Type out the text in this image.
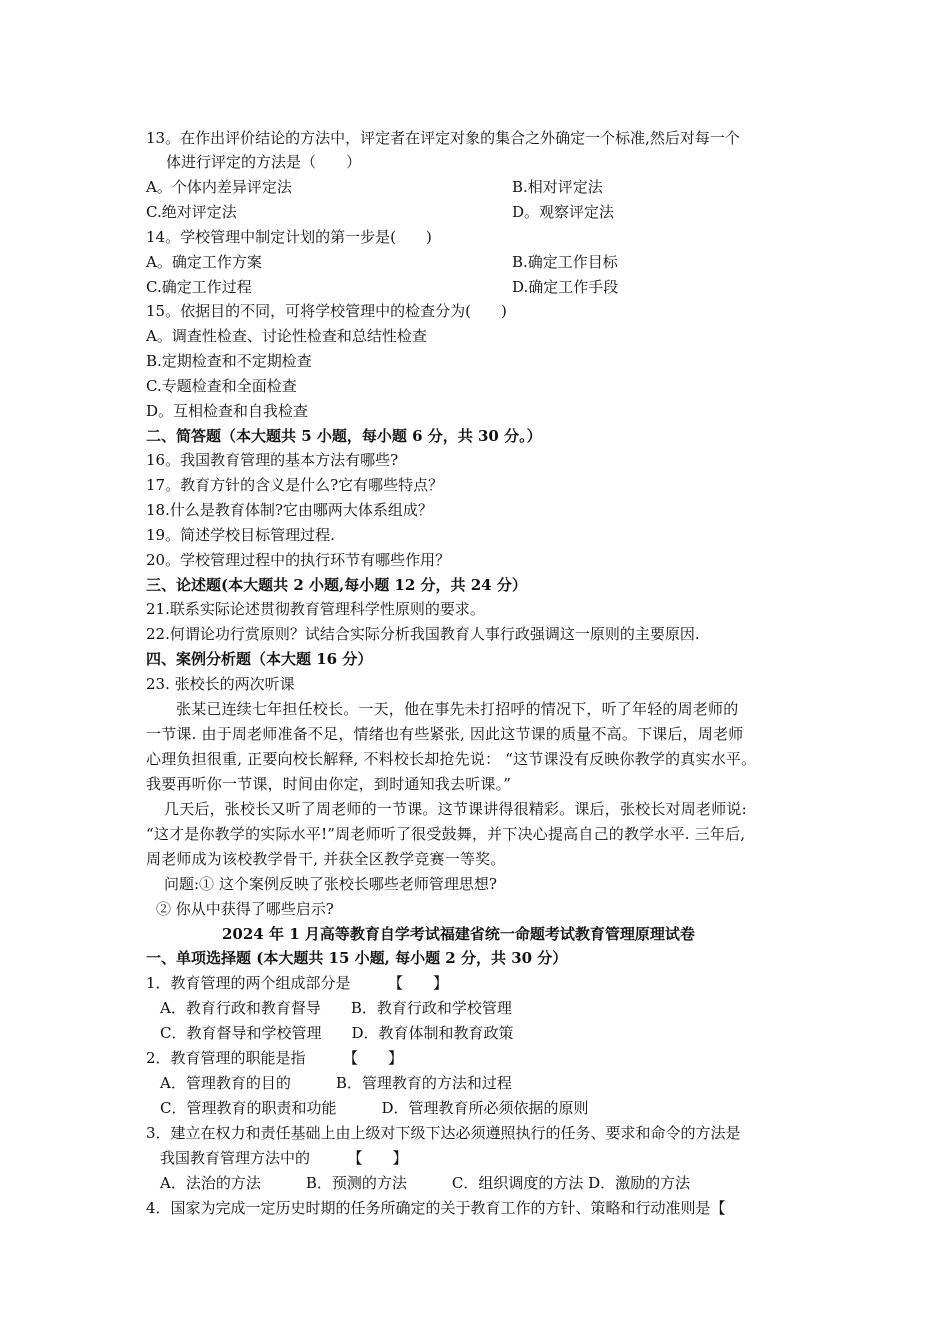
13。在作出评价结论的方法中，评定者在评定对象的集合之外确定一个标准,然后对每一个
体进行评定的方法是（　　）
A。个体内差异评定法	B.相对评定法
C.绝对评定法	D。观察评定法
14。学校管理中制定计划的第一步是(　　)
A。确定工作方案	B.确定工作目标
C.确定工作过程	D.确定工作手段
15。依据目的不同，可将学校管理中的检查分为(　　)
A。调查性检查、讨论性检查和总结性检查
B.定期检查和不定期检查
C.专题检查和全面检查
D。互相检查和自我检查
二、简答题（本大题共 5 小题，每小题 6 分，共 30 分。）
16。我国教育管理的基本方法有哪些?
17。教育方针的含义是什么?它有哪些特点？
18.什么是教育体制?它由哪两大体系组成？
19。简述学校目标管理过程.
20。学校管理过程中的执行环节有哪些作用？
三、论述题(本大题共 2 小题,每小题 12 分，共 24 分）
21.联系实际论述贯彻教育管理科学性原则的要求。
22.何谓论功行赏原则？试结合实际分析我国教育人事行政强调这一原则的主要原因.
四、案例分析题（本大题 16 分）
23. 张校长的两次听课
张某已连续七年担任校长。一天，他在事先未打招呼的情况下，听了年轻的周老师的
一节课. 由于周老师准备不足，情绪也有些紧张, 因此这节课的质量不高。下课后，周老师
心理负担很重, 正要向校长解释, 不料校长却抢先说： “这节课没有反映你教学的真实水平。
我要再听你一节课，时间由你定，到时通知我去听课。”
几天后，张校长又听了周老师的一节课。这节课讲得很精彩。课后，张校长对周老师说:
“这才是你教学的实际水平!”周老师听了很受鼓舞，并下决心提高自己的教学水平. 三年后,
周老师成为该校教学骨干, 并获全区教学竞赛一等奖。
问题:① 这个案例反映了张校长哪些老师管理思想?
② 你从中获得了哪些启示?
2024 年 1 月高等教育自学考试福建省统一命题考试教育管理原理试卷
一、单项选择题 (本大题共 15 小题, 每小题 2 分，共 30 分）
1．教育管理的两个组成部分是　　　【　　】
A．教育行政和教育督导　　B．教育行政和学校管理
C．教育督导和学校管理　　D．教育体制和教育政策
2．教育管理的职能是指　　　【　　】
A．管理教育的目的　　　B．管理教育的方法和过程
C．管理教育的职责和功能　　　D．管理教育所必须依据的原则
3．建立在权力和责任基础上由上级对下级下达必须遵照执行的任务、要求和命令的方法是
我国教育管理方法中的　　　【　　】
A．法治的方法　　　B．预测的方法　　　C．组织调度的方法 D．激励的方法
4．国家为完成一定历史时期的任务所确定的关于教育工作的方针、策略和行动准则是【
